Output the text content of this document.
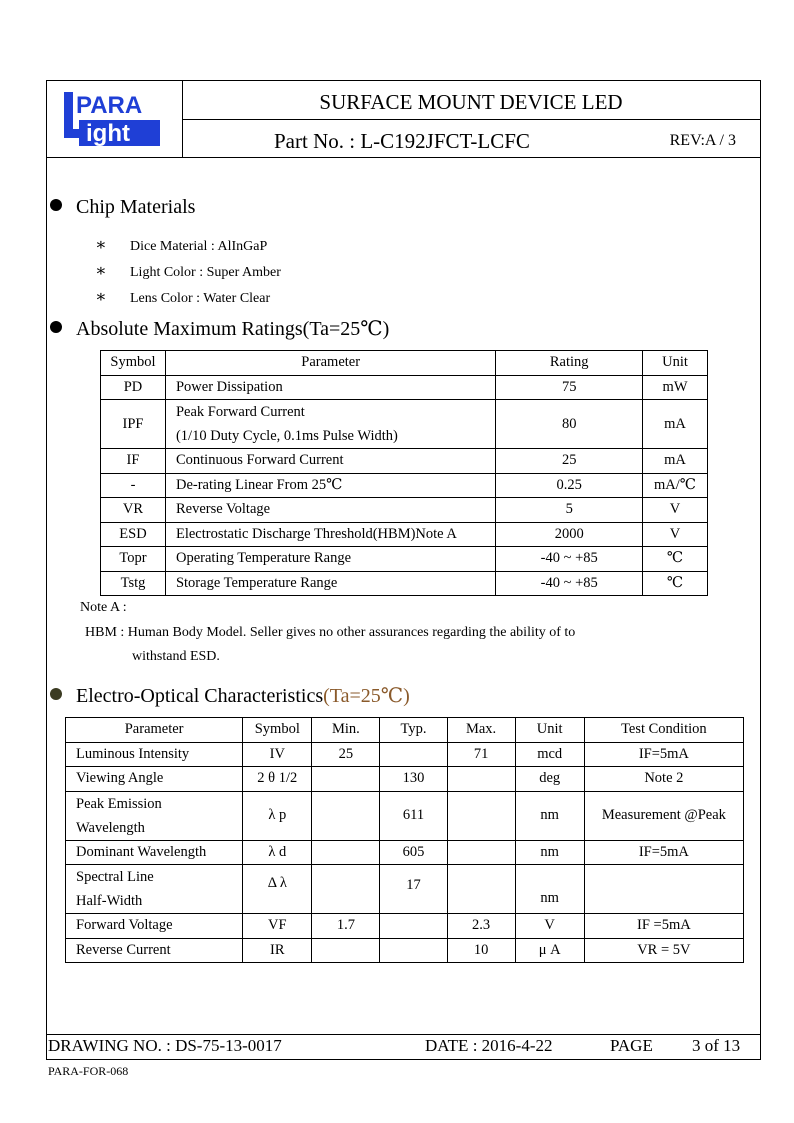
PARA
ight
SURFACE MOUNT DEVICE LED
Part No. : L-C192JFCT-LCFC	REV:A / 3
Chip Materials
∗ Dice Material : AlInGaP
∗ Light Color : Super Amber
∗ Lens Color : Water Clear
Absolute Maximum Ratings(Ta=25℃)
Symbol	Parameter	Rating	Unit
PD	Power Dissipation	75	mW
IPF	Peak Forward Current
(1/10 Duty Cycle, 0.1ms Pulse Width)	80	mA
IF	Continuous Forward Current	25	mA
-	De-rating Linear From 25℃	0.25	mA/℃
VR	Reverse Voltage	5	V
ESD	Electrostatic Discharge Threshold(HBM)Note A	2000	V
Topr	Operating Temperature Range	-40 ~ +85	℃
Tstg	Storage Temperature Range	-40 ~ +85	℃
Note A :
HBM : Human Body Model. Seller gives no other assurances regarding the ability of to
withstand ESD.
Electro-Optical Characteristics(Ta=25℃)
Parameter	Symbol	Min.	Typ.	Max.	Unit	Test Condition
Luminous Intensity	IV	25		71	mcd	IF=5mA
Viewing Angle	2 θ 1/2		130		deg	Note 2

Peak Emission
Wavelength	λ p		611		nm	Measurement @Peak
Dominant Wavelength	λ d		605		nm	IF=5mA

Spectral Line
Half-Width	Δ λ		17		nm	
Forward Voltage	VF	1.7		2.3	V	IF =5mA
Reverse Current	IR			10	μ A	VR = 5V
DRAWING NO. : DS-75-13-0017	DATE : 2016-4-22	PAGE 3 of 13
PARA-FOR-068
